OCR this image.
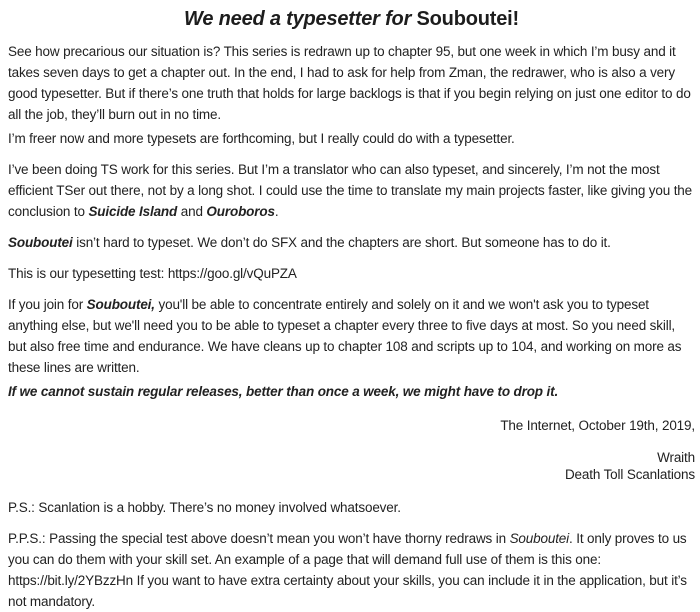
We need a typesetter for Souboutei!

See how precarious our situation is? This series is redrawn up to chapter 95, but one week in which I’m busy and it takes seven days to get a chapter out. In the end, I had to ask for help from Zman, the redrawer, who is also a very good typesetter. But if there’s one truth that holds for large backlogs is that if you begin relying on just one editor to do all the job, they’ll burn out in no time.

I’m freer now and more typesets are forthcoming, but I really could do with a typesetter.

I’ve been doing TS work for this series. But I’m a translator who can also typeset, and sincerely, I’m not the most efficient TSer out there, not by a long shot. I could use the time to translate my main projects faster, like giving you the conclusion to Suicide Island and Ouroboros.

Souboutei isn’t hard to typeset. We don’t do SFX and the chapters are short. But someone has to do it.

This is our typesetting test: https://goo.gl/vQuPZA

If you join for Souboutei, you'll be able to concentrate entirely and solely on it and we won't ask you to typeset anything else, but we'll need you to be able to typeset a chapter every three to five days at most. So you need skill, but also free time and endurance. We have cleans up to chapter 108 and scripts up to 104, and working on more as these lines are written.

If we cannot sustain regular releases, better than once a week, we might have to drop it.

The Internet, October 19th, 2019,

Wraith
Death Toll Scanlations

P.S.: Scanlation is a hobby. There’s no money involved whatsoever.

P.P.S.: Passing the special test above doesn’t mean you won’t have thorny redraws in Souboutei. It only proves to us you can do them with your skill set. An example of a page that will demand full use of them is this one: https://bit.ly/2YBzzHn If you want to have extra certainty about your skills, you can include it in the application, but it’s not mandatory.
